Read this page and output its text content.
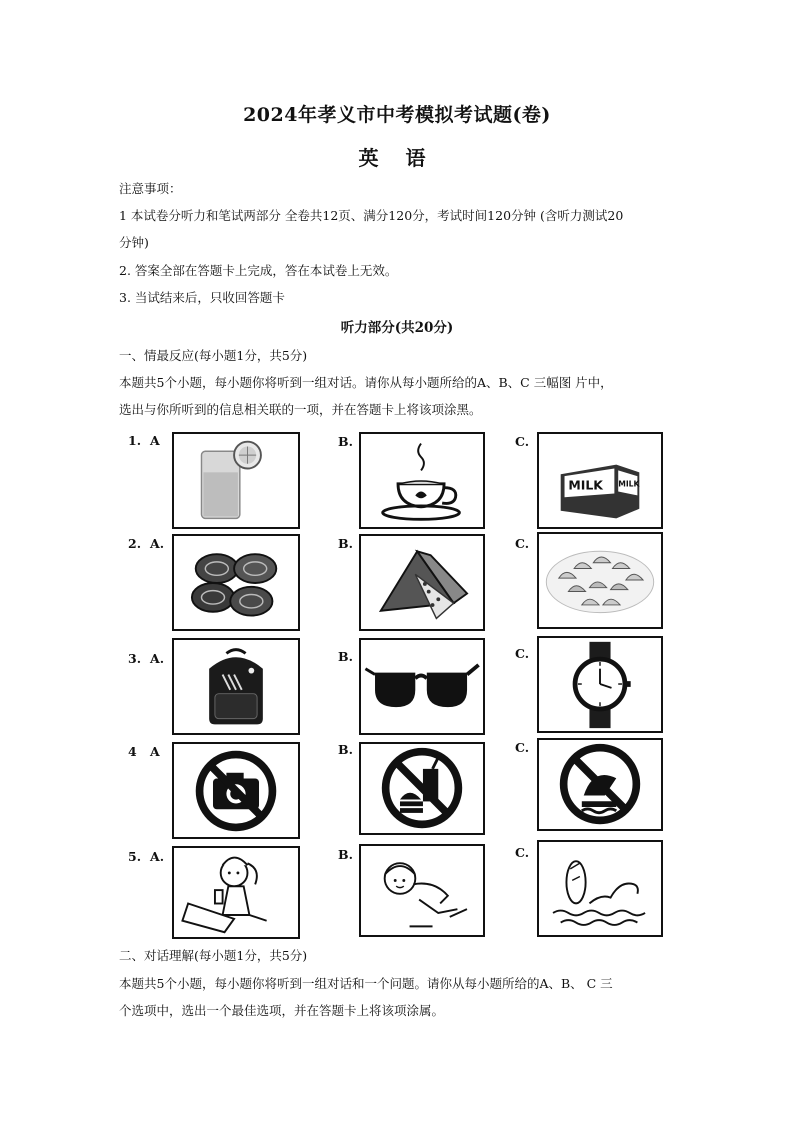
2024年孝义市中考模拟考试题(卷)
英 语
注意事项：
1 本试卷分听力和笔试两部分 全卷共12页、满分120分，考试时间120分钟 (含听力测试20
分钟)
2. 答案全部在答题卡上完成，答在本试卷上无效。
3. 当试结来后，只收回答题卡
听力部分(共20分)
一、情最反应(每小题1分，共5分)
本题共5个小题，每小题你将听到一组对话。请你从每小题所给的A、B、C 三幅图 片中，
选出与你所听到的信息相关联的一项，并在答题卡上将该项涂黑。
1. A	B.	C.
MILK MILK
2. A.	B.	C.
3. A.	B.	C.
4 A	B.	C.
5. A.	B.	C.
二、对话理解(每小题1分，共5分)
本题共5个小题，每小题你将听到一组对话和一个问题。请你从每小题所给的A、B、 C 三
个选项中，选出一个最佳选项，并在答题卡上将该项涂属。
